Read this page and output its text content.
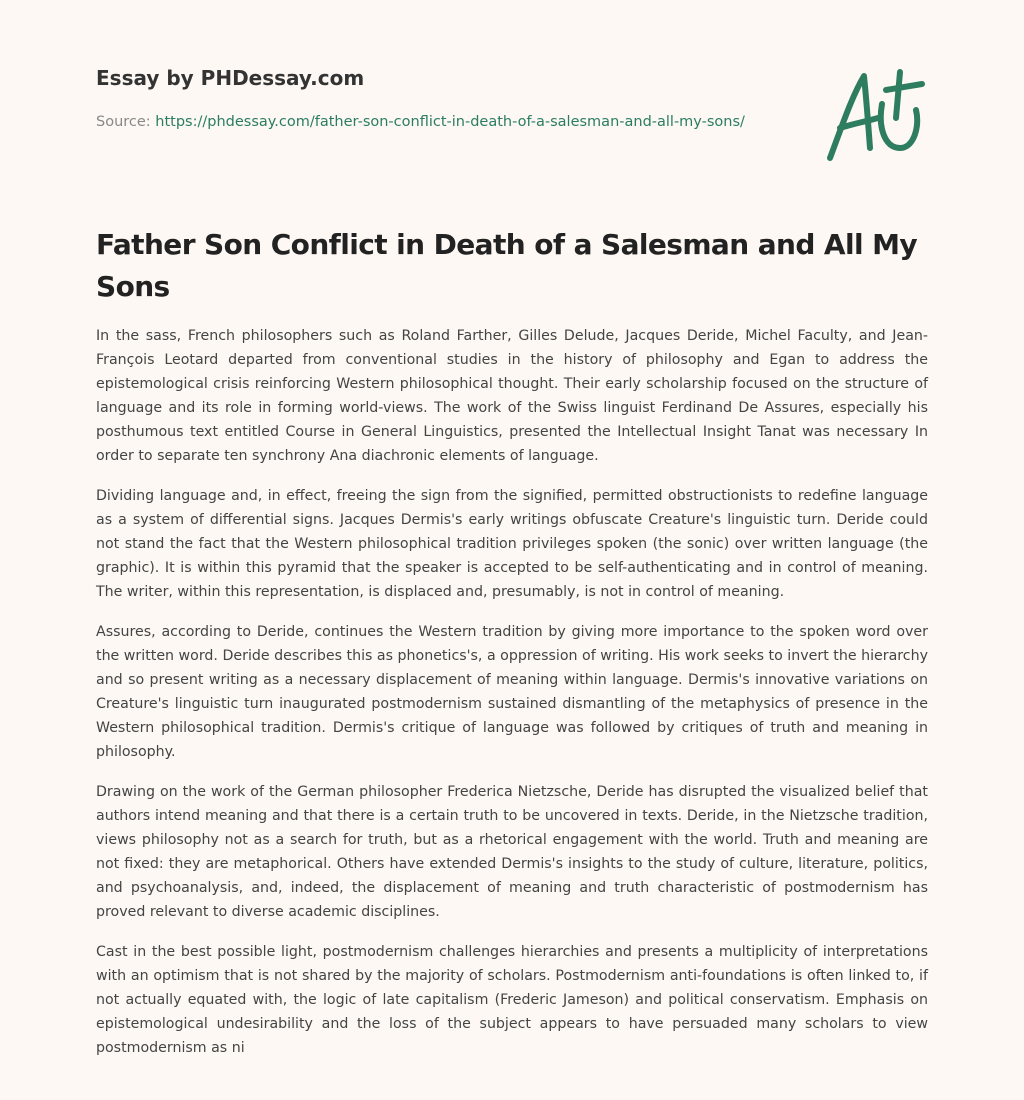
Essay by PHDessay.com
Source: https://phdessay.com/father-son-conflict-in-death-of-a-salesman-and-all-my-sons/
Father Son Conflict in Death of a Salesman and All My Sons

In the sass, French philosophers such as Roland Farther, Gilles Delude, Jacques Deride, Michel Faculty, and Jean-François Leotard departed from conventional studies in the history of philosophy and Egan to address the epistemological crisis reinforcing Western philosophical thought. Their early scholarship focused on the structure of language and its role in forming world-views. The work of the Swiss linguist Ferdinand De Assures, especially his posthumous text entitled Course in General Linguistics, presented the Intellectual Insight Tanat was necessary In order to separate ten synchrony Ana diachronic elements of language.

Dividing language and, in effect, freeing the sign from the signified, permitted obstructionists to redefine language as a system of differential signs. Jacques Dermis's early writings obfuscate Creature's linguistic turn. Deride could not stand the fact that the Western philosophical tradition privileges spoken (the sonic) over written language (the graphic). It is within this pyramid that the speaker is accepted to be self-authenticating and in control of meaning. The writer, within this representation, is displaced and, presumably, is not in control of meaning.

Assures, according to Deride, continues the Western tradition by giving more importance to the spoken word over the written word. Deride describes this as phonetics's, a oppression of writing. His work seeks to invert the hierarchy and so present writing as a necessary displacement of meaning within language. Dermis's innovative variations on Creature's linguistic turn inaugurated postmodernism sustained dismantling of the metaphysics of presence in the Western philosophical tradition. Dermis's critique of language was followed by critiques of truth and meaning in philosophy.

Drawing on the work of the German philosopher Frederica Nietzsche, Deride has disrupted the visualized belief that authors intend meaning and that there is a certain truth to be uncovered in texts. Deride, in the Nietzsche tradition, views philosophy not as a search for truth, but as a rhetorical engagement with the world. Truth and meaning are not fixed: they are metaphorical. Others have extended Dermis's insights to the study of culture, literature, politics, and psychoanalysis, and, indeed, the displacement of meaning and truth characteristic of postmodernism has proved relevant to diverse academic disciplines.

Cast in the best possible light, postmodernism challenges hierarchies and presents a multiplicity of interpretations with an optimism that is not shared by the majority of scholars. Postmodernism anti-foundations is often linked to, if not actually equated with, the logic of late capitalism (Frederic Jameson) and political conservatism. Emphasis on epistemological undesirability and the loss of the subject appears to have persuaded many scholars to view postmodernism as ni
